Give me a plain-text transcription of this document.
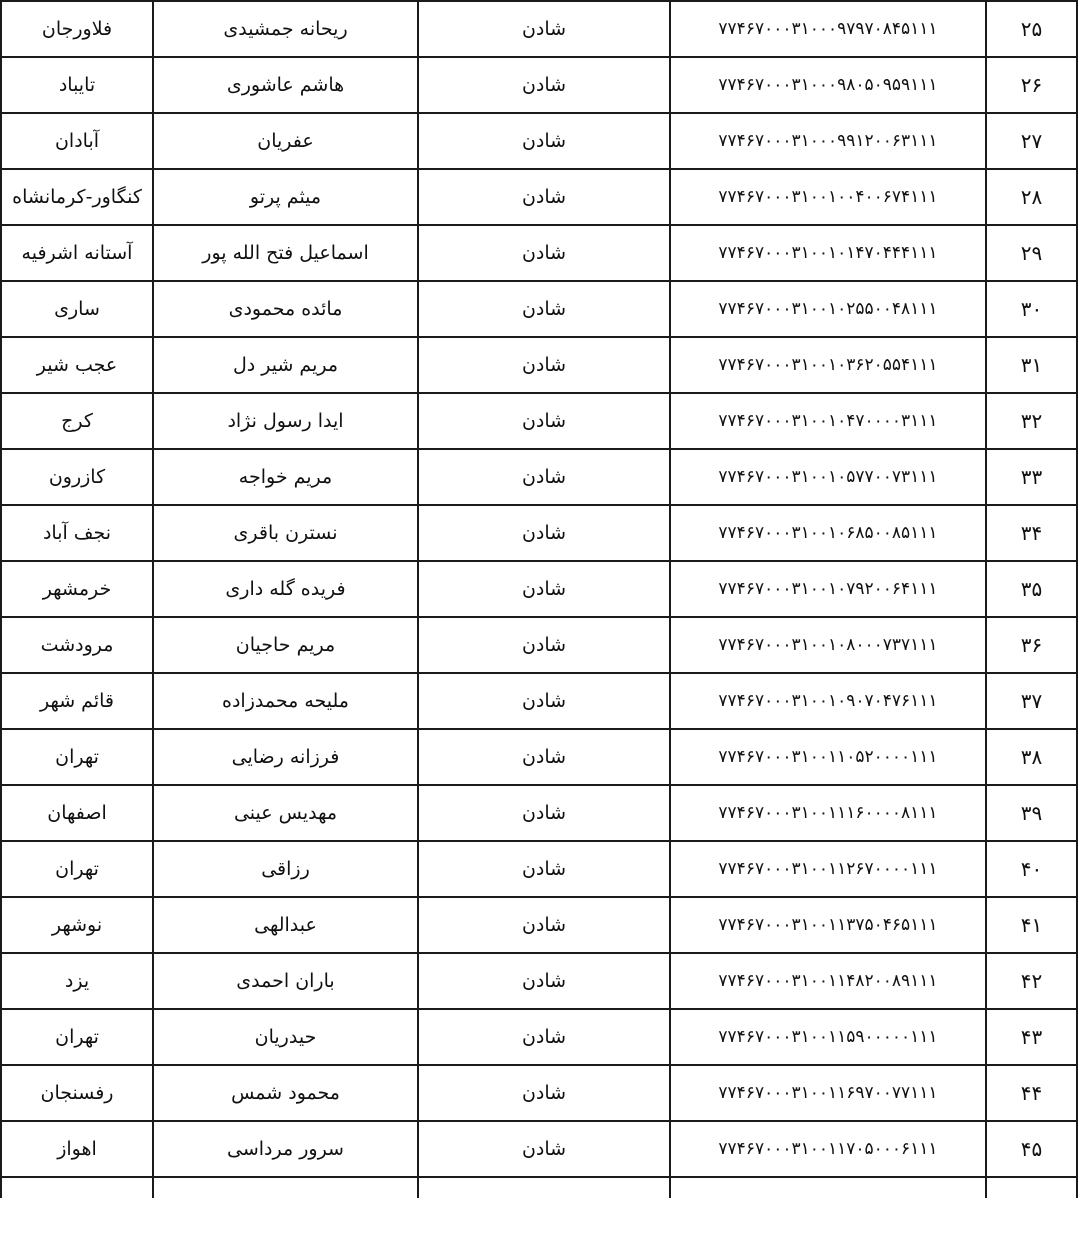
فلاورجان	ریحانه جمشیدی	شادن	۷۷۴۶۷۰۰۰۳۱۰۰۰۹۷۹۷۰۸۴۵۱۱۱	۲۵
تایباد	هاشم عاشوری	شادن	۷۷۴۶۷۰۰۰۳۱۰۰۰۹۸۰۵۰۹۵۹۱۱۱	۲۶
آبادان	عفریان	شادن	۷۷۴۶۷۰۰۰۳۱۰۰۰۹۹۱۲۰۰۶۳۱۱۱	۲۷
کنگاور-کرمانشاه	میثم پرتو	شادن	۷۷۴۶۷۰۰۰۳۱۰۰۱۰۰۴۰۰۶۷۴۱۱۱	۲۸
آستانه اشرفیه	اسماعیل فتح الله پور	شادن	۷۷۴۶۷۰۰۰۳۱۰۰۱۰۱۴۷۰۴۴۴۱۱۱	۲۹
ساری	مائده محمودی	شادن	۷۷۴۶۷۰۰۰۳۱۰۰۱۰۲۵۵۰۰۴۸۱۱۱	۳۰
عجب شیر	مریم شیر دل	شادن	۷۷۴۶۷۰۰۰۳۱۰۰۱۰۳۶۲۰۵۵۴۱۱۱	۳۱
کرج	ایدا رسول نژاد	شادن	۷۷۴۶۷۰۰۰۳۱۰۰۱۰۴۷۰۰۰۰۳۱۱۱	۳۲
کازرون	مریم خواجه	شادن	۷۷۴۶۷۰۰۰۳۱۰۰۱۰۵۷۷۰۰۷۳۱۱۱	۳۳
نجف آباد	نسترن باقری	شادن	۷۷۴۶۷۰۰۰۳۱۰۰۱۰۶۸۵۰۰۸۵۱۱۱	۳۴
خرمشهر	فریده گله داری	شادن	۷۷۴۶۷۰۰۰۳۱۰۰۱۰۷۹۲۰۰۶۴۱۱۱	۳۵
مرودشت	مریم حاجیان	شادن	۷۷۴۶۷۰۰۰۳۱۰۰۱۰۸۰۰۰۷۳۷۱۱۱	۳۶
قائم شهر	ملیحه محمدزاده	شادن	۷۷۴۶۷۰۰۰۳۱۰۰۱۰۹۰۷۰۴۷۶۱۱۱	۳۷
تهران	فرزانه رضایی	شادن	۷۷۴۶۷۰۰۰۳۱۰۰۱۱۰۵۲۰۰۰۰۱۱۱	۳۸
اصفهان	مهدیس عینی	شادن	۷۷۴۶۷۰۰۰۳۱۰۰۱۱۱۶۰۰۰۰۸۱۱۱	۳۹
تهران	رزاقی	شادن	۷۷۴۶۷۰۰۰۳۱۰۰۱۱۲۶۷۰۰۰۰۱۱۱	۴۰
نوشهر	عبدالهی	شادن	۷۷۴۶۷۰۰۰۳۱۰۰۱۱۳۷۵۰۴۶۵۱۱۱	۴۱
یزد	باران احمدی	شادن	۷۷۴۶۷۰۰۰۳۱۰۰۱۱۴۸۲۰۰۸۹۱۱۱	۴۲
تهران	حیدریان	شادن	۷۷۴۶۷۰۰۰۳۱۰۰۱۱۵۹۰۰۰۰۰۱۱۱	۴۳
رفسنجان	محمود شمس	شادن	۷۷۴۶۷۰۰۰۳۱۰۰۱۱۶۹۷۰۰۷۷۱۱۱	۴۴
اهواز	سرور مرداسی	شادن	۷۷۴۶۷۰۰۰۳۱۰۰۱۱۷۰۵۰۰۰۶۱۱۱	۴۵
